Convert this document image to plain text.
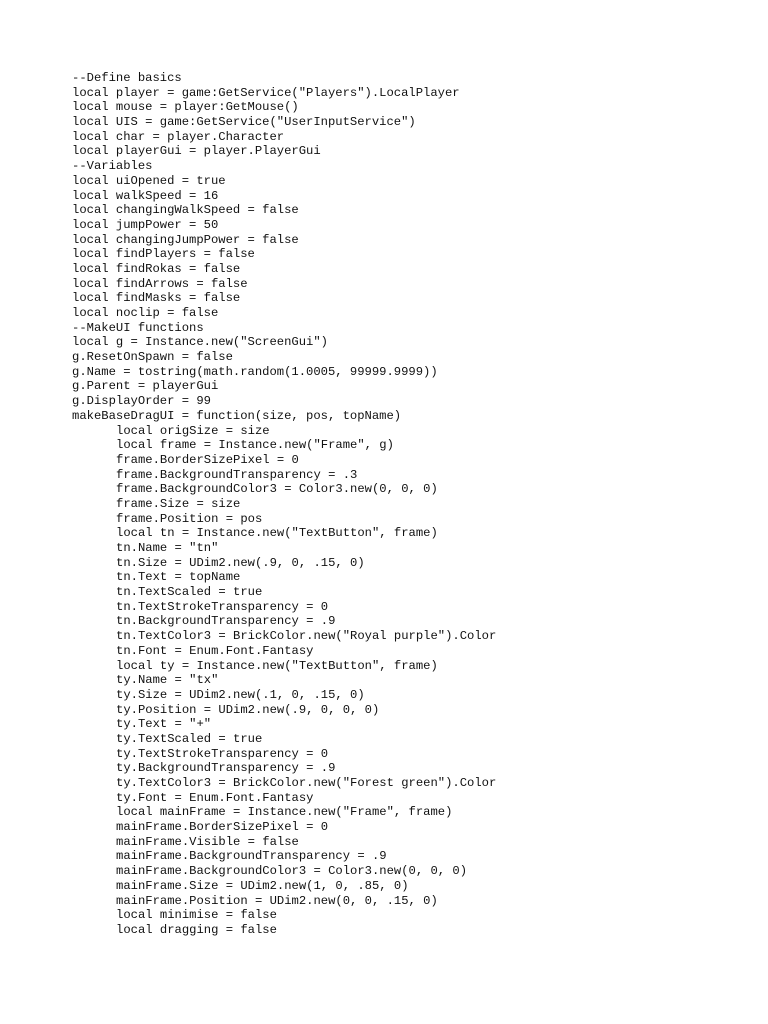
--Define basics
local player = game:GetService("Players").LocalPlayer
local mouse = player:GetMouse()
local UIS = game:GetService("UserInputService")
local char = player.Character
local playerGui = player.PlayerGui
--Variables
local uiOpened = true
local walkSpeed = 16
local changingWalkSpeed = false
local jumpPower = 50
local changingJumpPower = false
local findPlayers = false
local findRokas = false
local findArrows = false
local findMasks = false
local noclip = false
--MakeUI functions
local g = Instance.new("ScreenGui")
g.ResetOnSpawn = false
g.Name = tostring(math.random(1.0005, 99999.9999))
g.Parent = playerGui
g.DisplayOrder = 99
makeBaseDragUI = function(size, pos, topName)
local origSize = size
local frame = Instance.new("Frame", g)
frame.BorderSizePixel = 0
frame.BackgroundTransparency = .3
frame.BackgroundColor3 = Color3.new(0, 0, 0)
frame.Size = size
frame.Position = pos
local tn = Instance.new("TextButton", frame)
tn.Name = "tn"
tn.Size = UDim2.new(.9, 0, .15, 0)
tn.Text = topName
tn.TextScaled = true
tn.TextStrokeTransparency = 0
tn.BackgroundTransparency = .9
tn.TextColor3 = BrickColor.new("Royal purple").Color
tn.Font = Enum.Font.Fantasy
local ty = Instance.new("TextButton", frame)
ty.Name = "tx"
ty.Size = UDim2.new(.1, 0, .15, 0)
ty.Position = UDim2.new(.9, 0, 0, 0)
ty.Text = "+"
ty.TextScaled = true
ty.TextStrokeTransparency = 0
ty.BackgroundTransparency = .9
ty.TextColor3 = BrickColor.new("Forest green").Color
ty.Font = Enum.Font.Fantasy
local mainFrame = Instance.new("Frame", frame)
mainFrame.BorderSizePixel = 0
mainFrame.Visible = false
mainFrame.BackgroundTransparency = .9
mainFrame.BackgroundColor3 = Color3.new(0, 0, 0)
mainFrame.Size = UDim2.new(1, 0, .85, 0)
mainFrame.Position = UDim2.new(0, 0, .15, 0)
local minimise = false
local dragging = false
